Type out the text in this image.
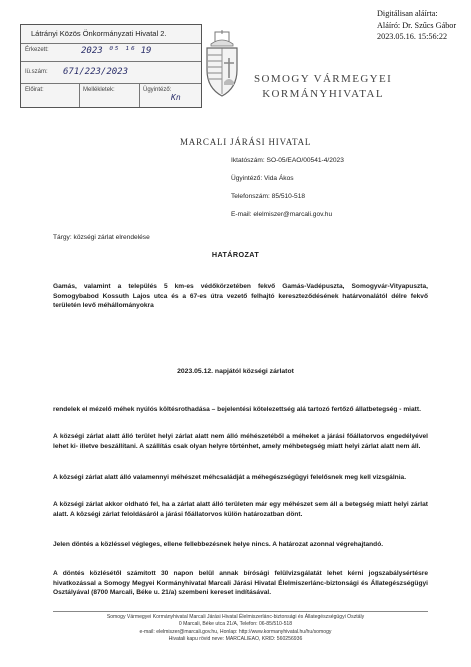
Digitálisan aláírta:
Aláíró: Dr. Szűcs Gábor
2023.05.16. 15:56:22
Látrányi Közös Önkormányzati Hivatal 2.
Érkezett:	2023 ⁰⁵ ¹⁶ 19
Iü.szám: 671/223/2023
Előirat:	Mellékletek:	Ügyintéző:
Kn
SOMOGY VÁRMEGYEI
KORMÁNYHIVATAL
MARCALI JÁRÁSI HIVATAL
Iktatószám: SO-05/EAO/00541-4/2023
Ügyintéző: Vida Ákos
Telefonszám: 85/510-518
E-mail: elelmiszer@marcali.gov.hu
Tárgy: községi zárlat elrendelése
HATÁROZAT
Gamás, valamint a település 5 km-es védőkörzetében fekvő Gamás-Vadépuszta, Somogyvár-Vityapuszta, Somogybabod Kossuth Lajos utca és a 67-es útra vezető felhajtó kereszteződésének határvonalától délre fekvő területén levő méhállományokra
2023.05.12. napjától községi zárlatot
rendelek el mézelő méhek nyúlós költésrothadása – bejelentési kötelezettség alá tartozó fertőző állatbetegség - miatt.
A községi zárlat alatt álló terület helyi zárlat alatt nem álló méhészetéből a méheket a járási főállatorvos engedélyével lehet ki- illetve beszállítani. A szállítás csak olyan helyre történhet, amely méhbetegség miatt helyi zárlat alatt nem áll.
A községi zárlat alatt álló valamennyi méhészet méhcsaládját a méhegészségügyi felelősnek meg kell vizsgálnia.
A községi zárlat akkor oldható fel, ha a zárlat alatt álló területen már egy méhészet sem áll a betegség miatt helyi zárlat alatt. A községi zárlat feloldásáról a járási főállatorvos külön határozatban dönt.
Jelen döntés a közléssel végleges, ellene fellebbezésnek helye nincs. A határozat azonnal végrehajtandó.
A döntés közlésétől számított 30 napon belül annak bírósági felülvizsgálatát lehet kérni jogszabálysértésre hivatkozással a Somogy Megyei Kormányhivatal Marcali Járási Hivatal Élelmiszerlánc-biztonsági és Állategészségügyi Osztályával (8700 Marcali, Béke u. 21/a) szembeni kereset indításával.
Somogy Vármegyei Kormányhivatal Marcali Járási Hivatal Élelmiszerlánc-biztonsági és Állategészségügyi Osztály
0 Marcali, Béke utca 21/A, Telefon: 06-85/510-518
e-mail: elelmiszer@marcali.gov.hu, Honlap: http://www.kormanyhivatal.hu/hu/somogy
Hivatali kapu rövid neve: MARCALIEAO, KRID: 560256936
